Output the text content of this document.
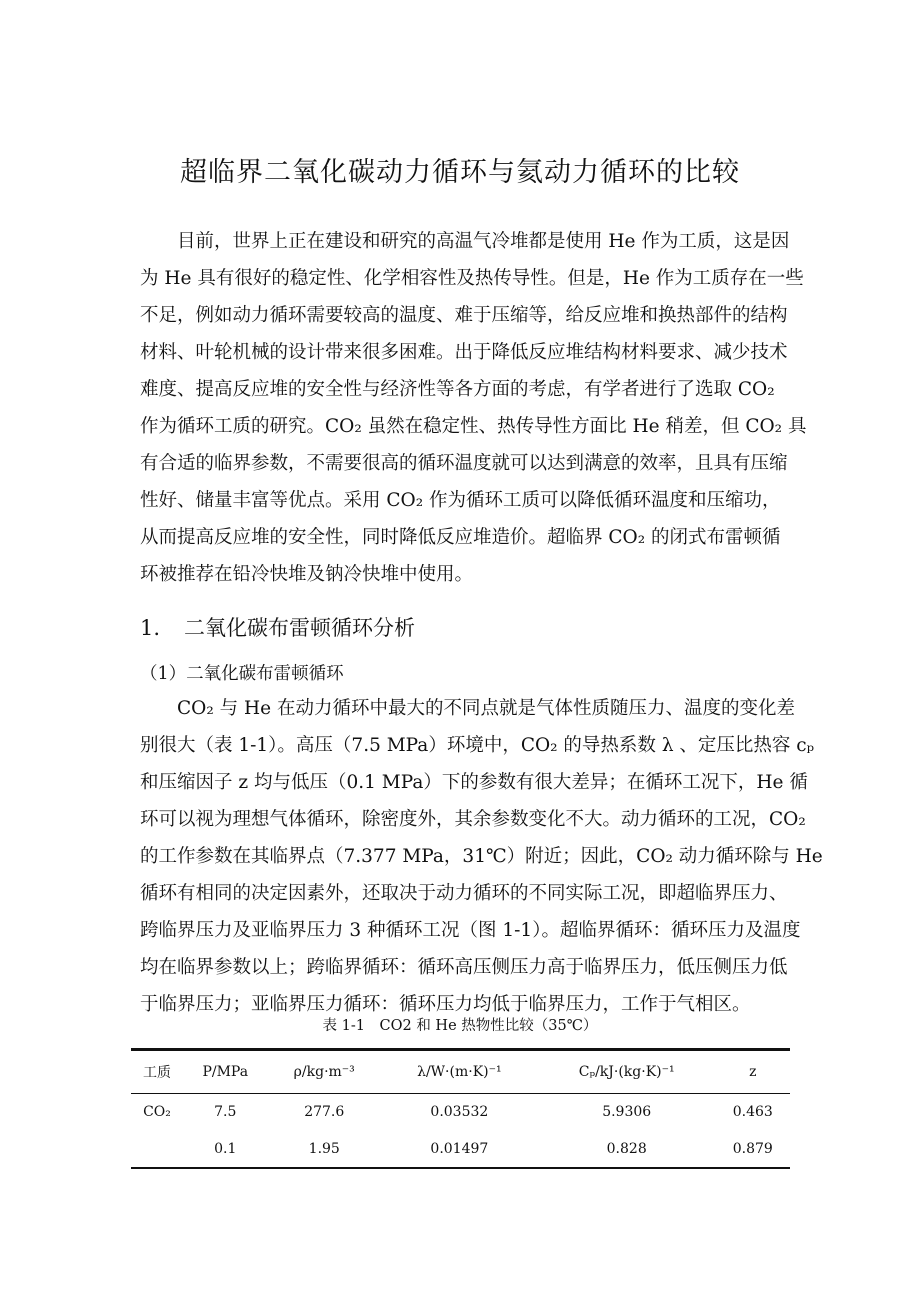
超临界二氧化碳动力循环与氦动力循环的比较
目前，世界上正在建设和研究的高温气冷堆都是使用 He 作为工质，这是因
为 He 具有很好的稳定性、化学相容性及热传导性。但是，He 作为工质存在一些
不足，例如动力循环需要较高的温度、难于压缩等，给反应堆和换热部件的结构
材料、叶轮机械的设计带来很多困难。出于降低反应堆结构材料要求、减少技术
难度、提高反应堆的安全性与经济性等各方面的考虑，有学者进行了选取 CO₂
作为循环工质的研究。CO₂ 虽然在稳定性、热传导性方面比 He 稍差，但 CO₂ 具
有合适的临界参数，不需要很高的循环温度就可以达到满意的效率，且具有压缩
性好、储量丰富等优点。采用 CO₂ 作为循环工质可以降低循环温度和压缩功，
从而提高反应堆的安全性，同时降低反应堆造价。超临界 CO₂ 的闭式布雷顿循
环被推荐在铅冷快堆及钠冷快堆中使用。
1. 二氧化碳布雷顿循环分析
（1）二氧化碳布雷顿循环
CO₂ 与 He 在动力循环中最大的不同点就是气体性质随压力、温度的变化差
别很大（表 1-1）。高压（7.5 MPa）环境中，CO₂ 的导热系数 λ 、定压比热容 cₚ
和压缩因子 z 均与低压（0.1 MPa）下的参数有很大差异；在循环工况下，He 循
环可以视为理想气体循环，除密度外，其余参数变化不大。动力循环的工况，CO₂
的工作参数在其临界点（7.377 MPa，31℃）附近；因此，CO₂ 动力循环除与 He
循环有相同的决定因素外，还取决于动力循环的不同实际工况，即超临界压力、
跨临界压力及亚临界压力 3 种循环工况（图 1-1）。超临界循环：循环压力及温度
均在临界参数以上；跨临界循环：循环高压侧压力高于临界压力，低压侧压力低
于临界压力；亚临界压力循环：循环压力均低于临界压力，工作于气相区。
表 1-1　CO2 和 He 热物性比较（35℃）
工质	P/MPa	ρ/kg·m⁻³	λ/W·(m·K)⁻¹	Cₚ/kJ·(kg·K)⁻¹	z
CO₂	7.5	277.6	0.03532	5.9306	0.463
	0.1	1.95	0.01497	0.828	0.879
